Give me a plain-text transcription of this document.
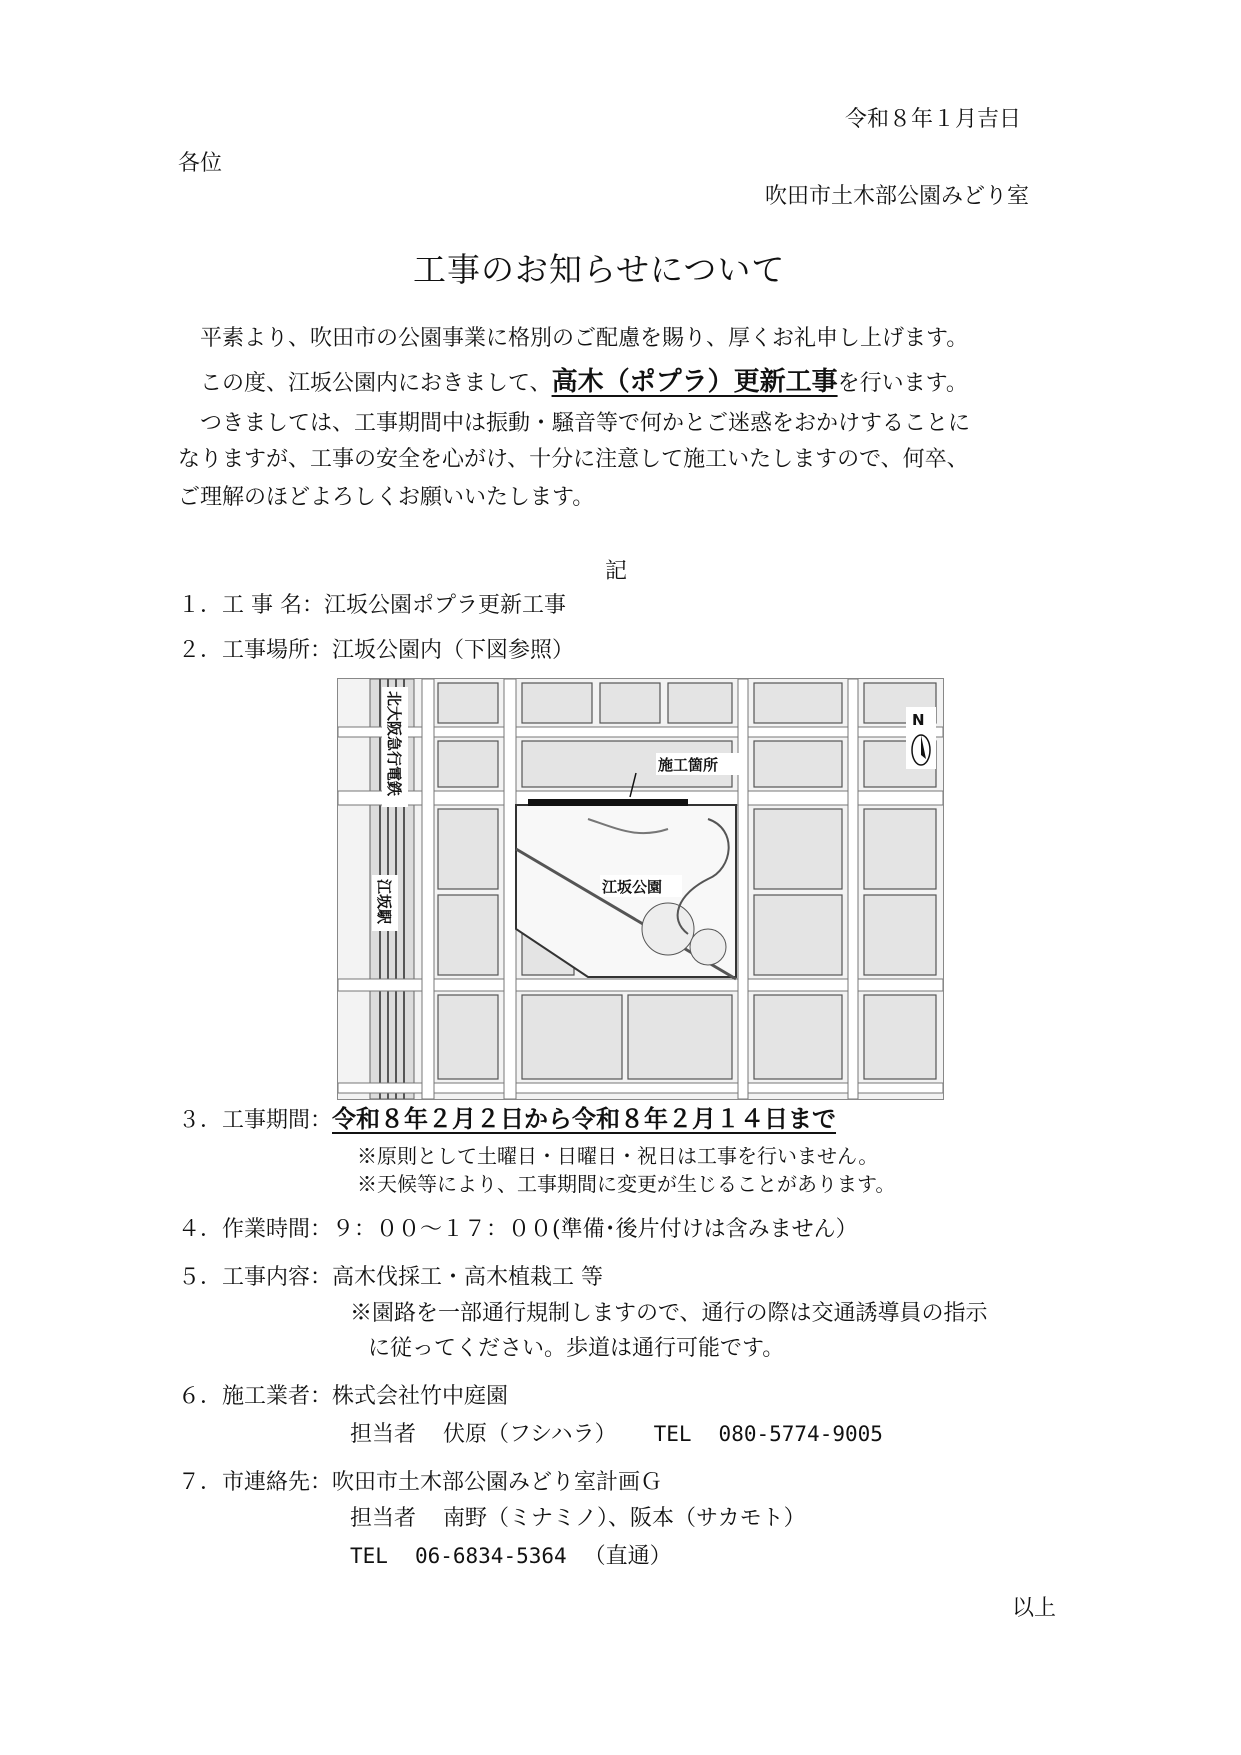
令和８年１月吉日
各位
吹田市土木部公園みどり室
工事のお知らせについて
平素より、吹田市の公園事業に格別のご配慮を賜り、厚くお礼申し上げます。
この度、江坂公園内におきまして、高木（ポプラ）更新工事を行います。
つきましては、工事期間中は振動・騒音等で何かとご迷惑をおかけすることに
なりますが、工事の安全を心がけ、十分に注意して施工いたしますので、何卒、
ご理解のほどよろしくお願いいたします。
記
１．工 事 名：江坂公園ポプラ更新工事
２．工事場所：江坂公園内（下図参照）
施工箇所
江坂公園
N
北大阪急行電鉄
江坂駅
３．工事期間：令和８年２月２日から令和８年２月１４日まで
※原則として土曜日・日曜日・祝日は工事を行いません。
※天候等により、工事期間に変更が生じることがあります。
４．作業時間：９：００～１７：００(準備･後片付けは含みません）
５．工事内容：高木伐採工・高木植栽工 等
※園路を一部通行規制しますので、通行の際は交通誘導員の指示
に従ってください。歩道は通行可能です。
６．施工業者：株式会社竹中庭園
担当者 伏原（フシハラ） TEL 080-5774-9005
７．市連絡先：吹田市土木部公園みどり室計画Ｇ
担当者 南野（ミナミノ）、阪本（サカモト）
TEL 06-6834-5364 （直通）
以上
